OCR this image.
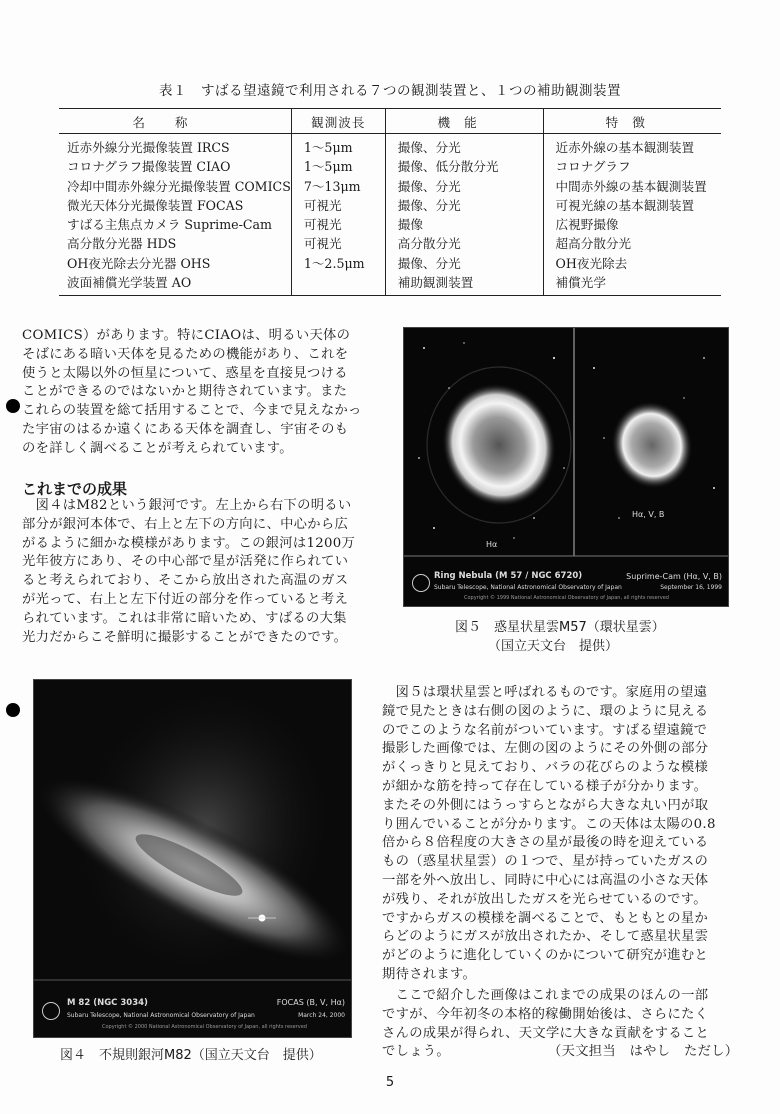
表１　すばる望遠鏡で利用される７つの観測装置と、１つの補助観測装置
名称	観測波長	機能	特徴
近赤外線分光撮像装置 IRCS	1～5μm	撮像、分光	近赤外線の基本観測装置
コロナグラフ撮像装置 CIAO	1～5μm	撮像、低分散分光	コロナグラフ
冷却中間赤外線分光撮像装置 COMICS	7～13μm	撮像、分光	中間赤外線の基本観測装置
微光天体分光撮像装置 FOCAS	可視光	撮像、分光	可視光線の基本観測装置
すばる主焦点カメラ Suprime-Cam	可視光	撮像	広視野撮像
高分散分光器 HDS	可視光	高分散分光	超高分散分光
OH夜光除去分光器 OHS	1～2.5μm	撮像、分光	OH夜光除去
波面補償光学装置 AO		補助観測装置	補償光学
COMICS）があります。特にCIAOは、明るい天体の
そばにある暗い天体を見るための機能があり、これを
使うと太陽以外の恒星について、惑星を直接見つける
ことができるのではないかと期待されています。また
これらの装置を総て括用することで、今まで見えなかっ
た宇宙のはるか遠くにある天体を調査し、宇宙そのも
のを詳しく調べることが考えられています。
これまでの成果
　図４はM82という銀河です。左上から右下の明るい
部分が銀河本体で、右上と左下の方向に、中心から広
がるように細かな模様があります。この銀河は1200万
光年彼方にあり、その中心部で星が活発に作られてい
ると考えられており、そこから放出された高温のガス
が光って、右上と左下付近の部分を作っていると考え
られています。これは非常に暗いため、すばるの大集
光力だからこそ鮮明に撮影することができたのです。
Hα
Hα, V, B
Ring Nebula (M 57 / NGC 6720)	Suprime-Cam (Hα, V, B)
Subaru Telescope, National Astronomical Observatory of Japan	September 16, 1999
Copyright © 1999 National Astronomical Observatory of Japan, all rights reserved
図５　惑星状星雲M57（環状星雲）
（国立天文台　提供）
M 82 (NGC 3034)	FOCAS (B, V, Hα)
Subaru Telescope, National Astronomical Observatory of Japan	March 24, 2000
Copyright © 2000 National Astronomical Observatory of Japan, all rights reserved
図４　不規則銀河M82（国立天文台　提供）
　図５は環状星雲と呼ばれるものです。家庭用の望遠
鏡で見たときは右側の図のように、環のように見える
のでこのような名前がついています。すばる望遠鏡で
撮影した画像では、左側の図のようにその外側の部分
がくっきりと見えており、バラの花びらのような模様
が細かな筋を持って存在している様子が分かります。
またその外側にはうっすらとながら大きな丸い円が取
り囲んでいることが分かります。この天体は太陽の0.8
倍から８倍程度の大きさの星が最後の時を迎えている
もの（惑星状星雲）の１つで、星が持っていたガスの
一部を外へ放出し、同時に中心には高温の小さな天体
が残り、それが放出したガスを光らせているのです。
ですからガスの模様を調べることで、もともとの星か
らどのようにガスが放出されたか、そして惑星状星雲
がどのように進化していくのかについて研究が進むと
期待されます。
　ここで紹介した画像はこれまでの成果のほんの一部
ですが、今年初冬の本格的稼働開始後は、さらにたく
さんの成果が得られ、天文学に大きな貢献をすること
でしょう。	（天文担当　はやし　ただし）
5
